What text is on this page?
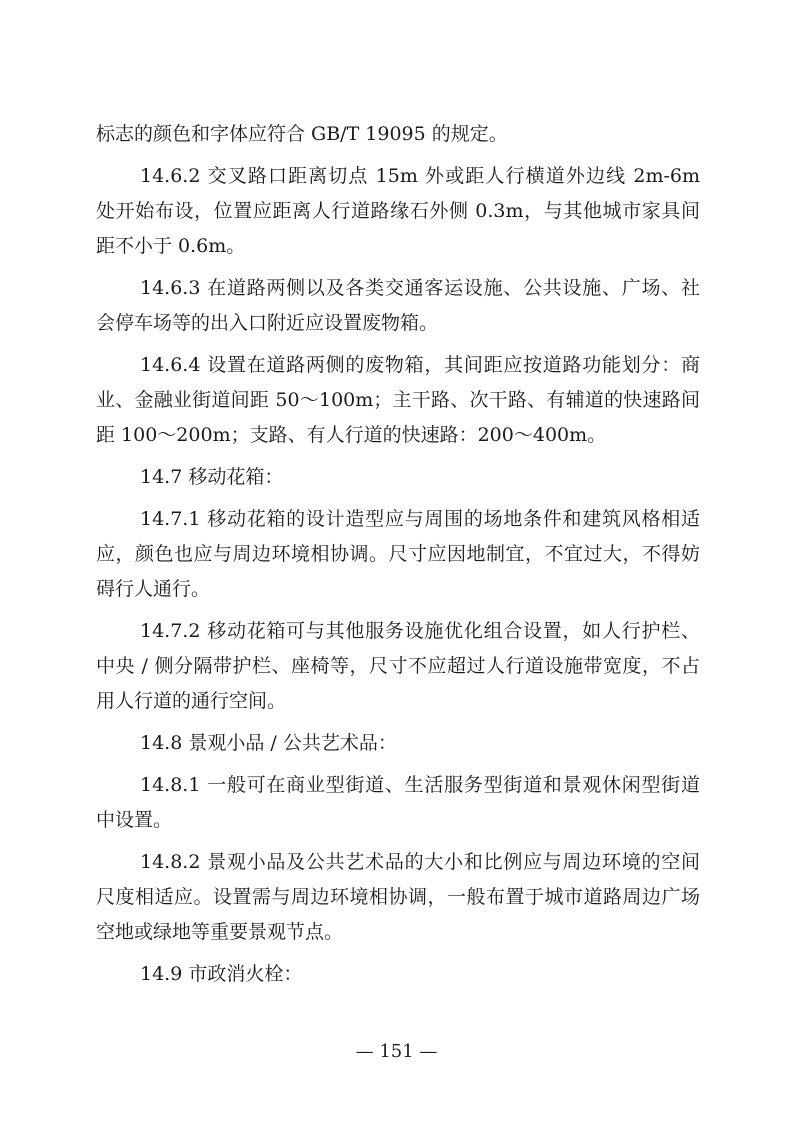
标志的颜色和字体应符合 GB/T 19095 的规定。

14.6.2 交叉路口距离切点 15m 外或距人行横道外边线 2m-6m 处开始布设，位置应距离人行道路缘石外侧 0.3m，与其他城市家具间距不小于 0.6m。

14.6.3 在道路两侧以及各类交通客运设施、公共设施、广场、社会停车场等的出入口附近应设置废物箱。

14.6.4 设置在道路两侧的废物箱，其间距应按道路功能划分：商业、金融业街道间距 50～100m；主干路、次干路、有辅道的快速路间距 100～200m；支路、有人行道的快速路：200～400m。

14.7 移动花箱：

14.7.1 移动花箱的设计造型应与周围的场地条件和建筑风格相适应，颜色也应与周边环境相协调。尺寸应因地制宜，不宜过大，不得妨碍行人通行。

14.7.2 移动花箱可与其他服务设施优化组合设置，如人行护栏、中央 / 侧分隔带护栏、座椅等，尺寸不应超过人行道设施带宽度，不占用人行道的通行空间。

14.8 景观小品 / 公共艺术品：

14.8.1 一般可在商业型街道、生活服务型街道和景观休闲型街道中设置。

14.8.2 景观小品及公共艺术品的大小和比例应与周边环境的空间尺度相适应。设置需与周边环境相协调，一般布置于城市道路周边广场空地或绿地等重要景观节点。

14.9 市政消火栓：

— 151 —
